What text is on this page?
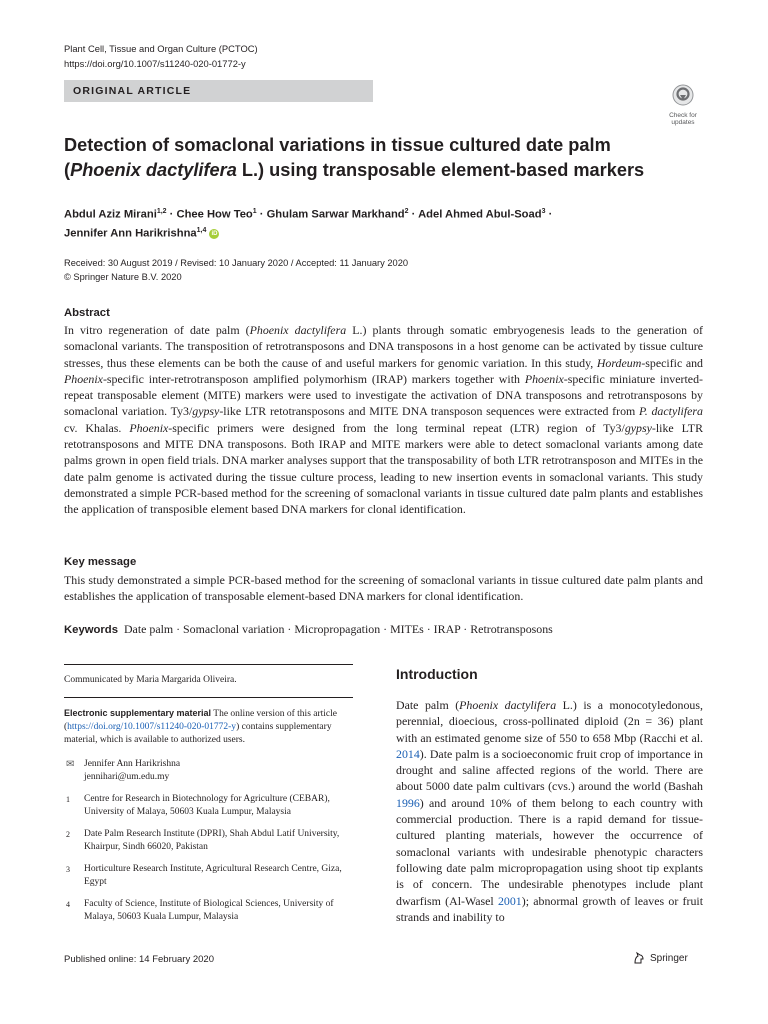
Plant Cell, Tissue and Organ Culture (PCTOC)
https://doi.org/10.1007/s11240-020-01772-y
ORIGINAL ARTICLE
Check for
updates
Detection of somaclonal variations in tissue cultured date palm
(Phoenix dactylifera L.) using transposable element-based markers
Abdul Aziz Mirani$^{1,2}$ · Chee How Teo$^1$ · Ghulam Sarwar Markhand$^2$ · Adel Ahmed Abul-Soad$^3$ ·
Jennifer Ann Harikrishna$^{1,4}$ iD
Received: 30 August 2019 / Revised: 10 January 2020 / Accepted: 11 January 2020
© Springer Nature B.V. 2020
Abstract
In vitro regeneration of date palm (Phoenix dactylifera L.) plants through somatic embryogenesis leads to the generation of somaclonal variants. The transposition of retrotransposons and DNA transposons in a host genome can be activated by tissue culture stresses, thus these elements can be both the cause of and useful markers for genomic variation. In this study, Hordeum-specific and Phoenix-specific inter-retrotransposon amplified polymorhism (IRAP) markers together with Phoenix-specific miniature inverted-repeat transposable element (MITE) markers were used to investigate the activation of DNA transposons and retrotransposons by somaclonal variation. Ty3/gypsy-like LTR retotransposons and MITE DNA transposon sequences were extracted from P. dactylifera cv. Khalas. Phoenix-specific primers were designed from the long terminal repeat (LTR) region of Ty3/gypsy-like LTR retotransposons and MITE DNA transposons. Both IRAP and MITE markers were able to detect somaclonal variants among date palms grown in open field trials. DNA marker analyses support that the transposability of both LTR retrotransposon and MITEs in the date palm genome is activated during the tissue culture process, leading to new insertion events in somaclonal variants. This study demonstrated a simple PCR-based method for the screening of somaclonal variants in tissue cultured date palm plants and establishes the application of transposible element based DNA markers for clonal identification.
Key message
This study demonstrated a simple PCR-based method for the screening of somaclonal variants in tissue cultured date palm plants and establishes the application of transposable element-based DNA markers for clonal identification.
Keywords Date palm · Somaclonal variation · Micropropagation · MITEs · IRAP · Retrotransposons
Communicated by Maria Margarida Oliveira.
Electronic supplementary material The online version of this article (https://doi.org/10.1007/s11240-020-01772-y) contains supplementary material, which is available to authorized users.
✉	Jennifer Ann Harikrishna
jennihari@um.edu.my
1	Centre for Research in Biotechnology for Agriculture (CEBAR), University of Malaya, 50603 Kuala Lumpur, Malaysia
2	Date Palm Research Institute (DPRI), Shah Abdul Latif University, Khairpur, Sindh 66020, Pakistan
3	Horticulture Research Institute, Agricultural Research Centre, Giza, Egypt
4	Faculty of Science, Institute of Biological Sciences, University of Malaya, 50603 Kuala Lumpur, Malaysia
Introduction
Date palm (Phoenix dactylifera L.) is a monocotyledonous, perennial, dioecious, cross-pollinated diploid (2n = 36) plant with an estimated genome size of 550 to 658 Mbp (Racchi et al. 2014). Date palm is a socioeconomic fruit crop of importance in drought and saline affected regions of the world. There are about 5000 date palm cultivars (cvs.) around the world (Bashah 1996) and around 10% of them belong to each country with commercial production. There is a rapid demand for tissue-cultured planting materials, however the occurrence of somaclonal variants with undesirable phenotypic characters following date palm micropropagation using shoot tip explants is of concern. The undesirable phenotypes include plant dwarfism (Al-Wasel 2001); abnormal growth of leaves or fruit strands and inability to
Published online: 14 February 2020	Springer
